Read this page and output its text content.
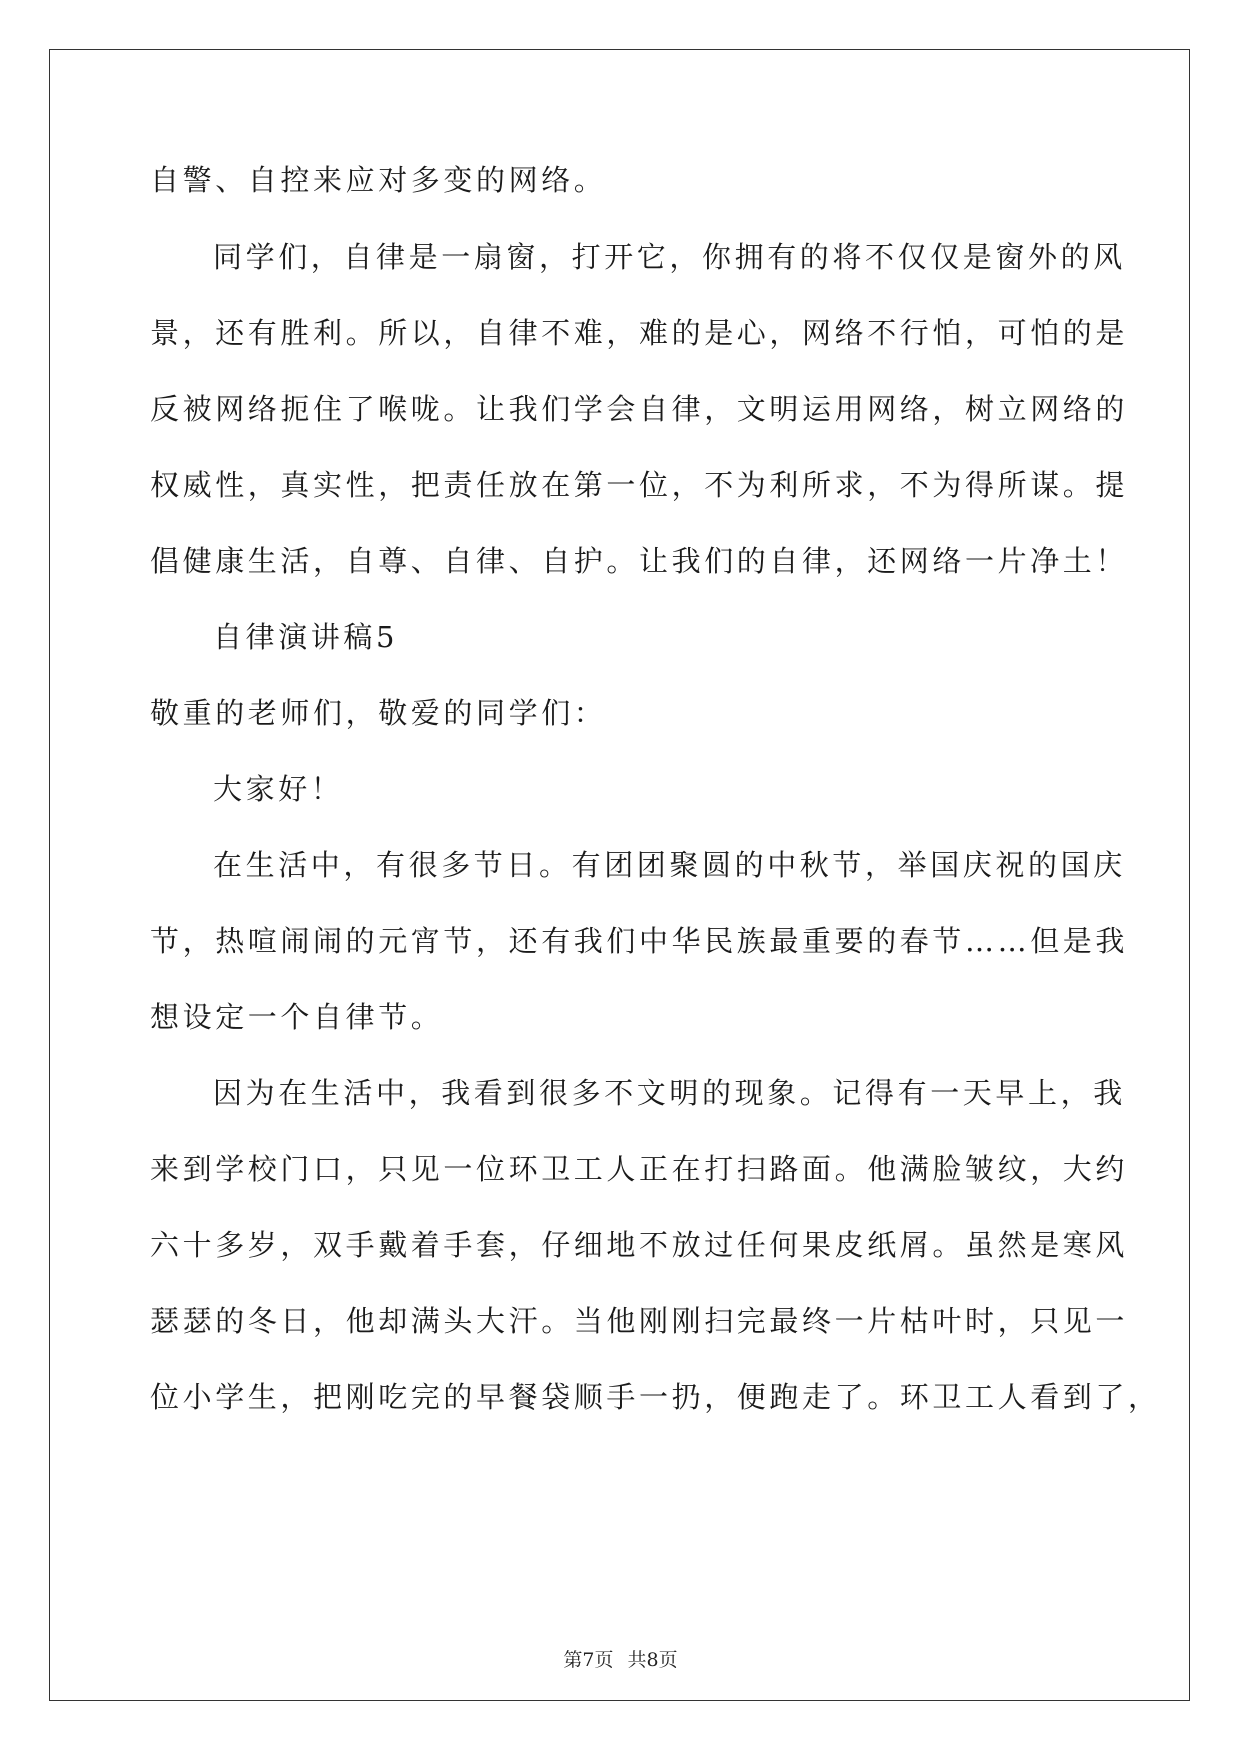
自警、自控来应对多变的网络。
同学们，自律是一扇窗，打开它，你拥有的将不仅仅是窗外的风
景，还有胜利。所以，自律不难，难的是心，网络不行怕，可怕的是
反被网络扼住了喉咙。让我们学会自律，文明运用网络，树立网络的
权威性，真实性，把责任放在第一位，不为利所求，不为得所谋。提
倡健康生活，自尊、自律、自护。让我们的自律，还网络一片净土！
自律演讲稿5
敬重的老师们，敬爱的同学们：
大家好！
在生活中，有很多节日。有团团聚圆的中秋节，举国庆祝的国庆
节，热喧闹闹的元宵节，还有我们中华民族最重要的春节……但是我
想设定一个自律节。
因为在生活中，我看到很多不文明的现象。记得有一天早上，我
来到学校门口，只见一位环卫工人正在打扫路面。他满脸皱纹，大约
六十多岁，双手戴着手套，仔细地不放过任何果皮纸屑。虽然是寒风
瑟瑟的冬日，他却满头大汗。当他刚刚扫完最终一片枯叶时，只见一
位小学生，把刚吃完的早餐袋顺手一扔，便跑走了。环卫工人看到了，
第7页 共8页
